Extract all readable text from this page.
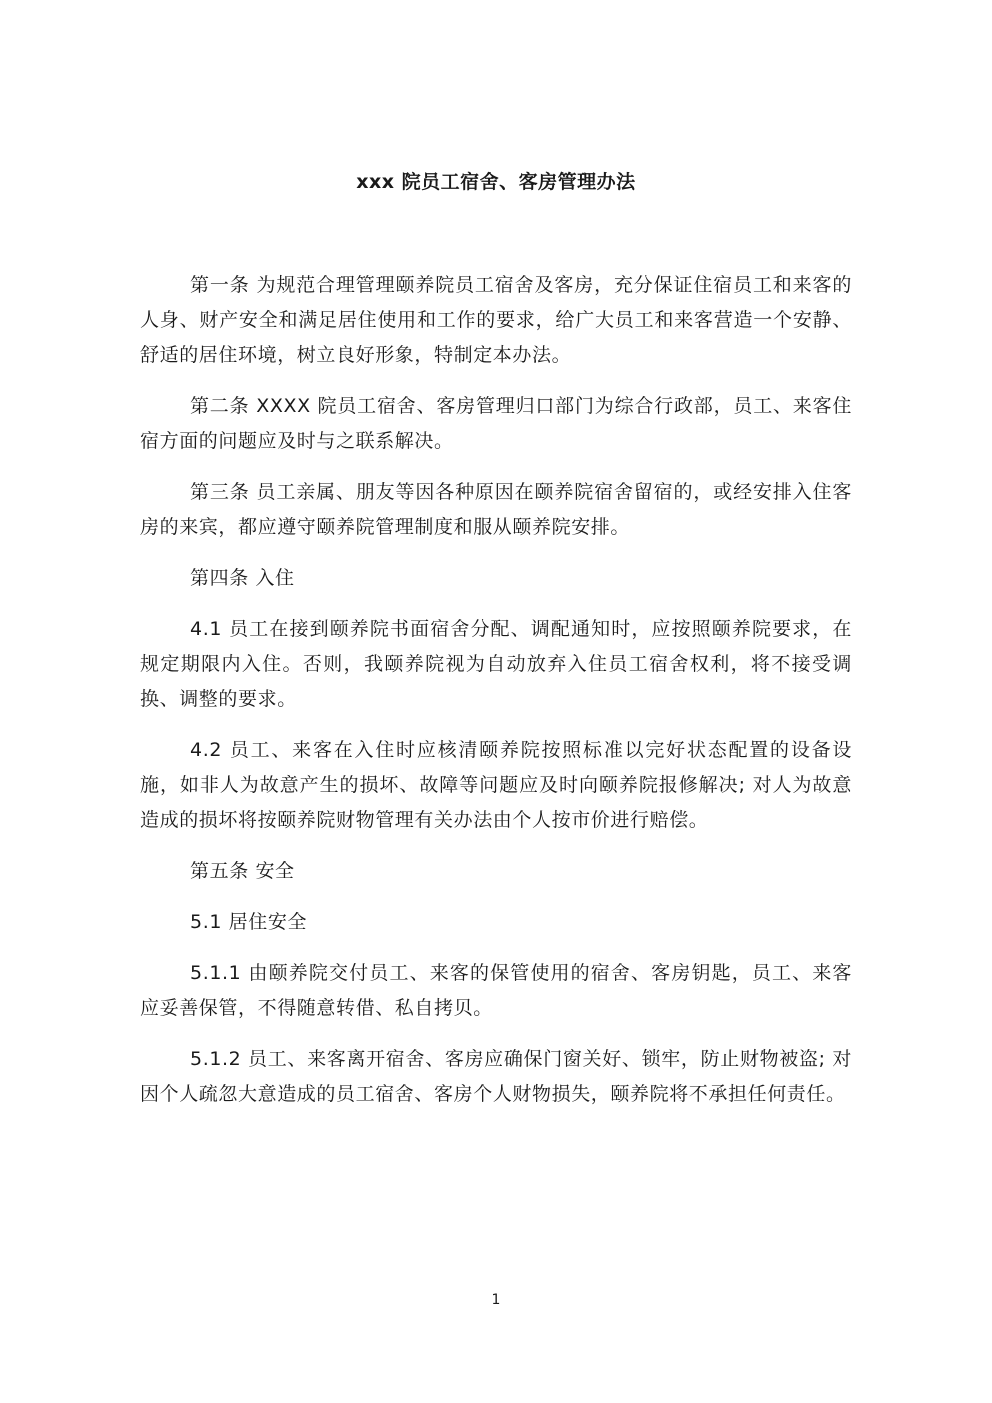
xxx 院员工宿舍、客房管理办法

第一条 为规范合理管理颐养院员工宿舍及客房，充分保证住宿员工和来客的人身、财产安全和满足居住使用和工作的要求，给广大员工和来客营造一个安静、舒适的居住环境，树立良好形象，特制定本办法。

第二条 XXXX 院员工宿舍、客房管理归口部门为综合行政部，员工、来客住宿方面的问题应及时与之联系解决。

第三条 员工亲属、朋友等因各种原因在颐养院宿舍留宿的，或经安排入住客房的来宾，都应遵守颐养院管理制度和服从颐养院安排。

第四条 入住

4.1 员工在接到颐养院书面宿舍分配、调配通知时，应按照颐养院要求，在规定期限内入住。否则，我颐养院视为自动放弃入住员工宿舍权利，将不接受调换、调整的要求。

4.2 员工、来客在入住时应核清颐养院按照标准以完好状态配置的设备设施，如非人为故意产生的损坏、故障等问题应及时向颐养院报修解决; 对人为故意造成的损坏将按颐养院财物管理有关办法由个人按市价进行赔偿。

第五条 安全

5.1 居住安全

5.1.1 由颐养院交付员工、来客的保管使用的宿舍、客房钥匙，员工、来客应妥善保管，不得随意转借、私自拷贝。

5.1.2 员工、来客离开宿舍、客房应确保门窗关好、锁牢，防止财物被盗; 对因个人疏忽大意造成的员工宿舍、客房个人财物损失，颐养院将不承担任何责任。

1
